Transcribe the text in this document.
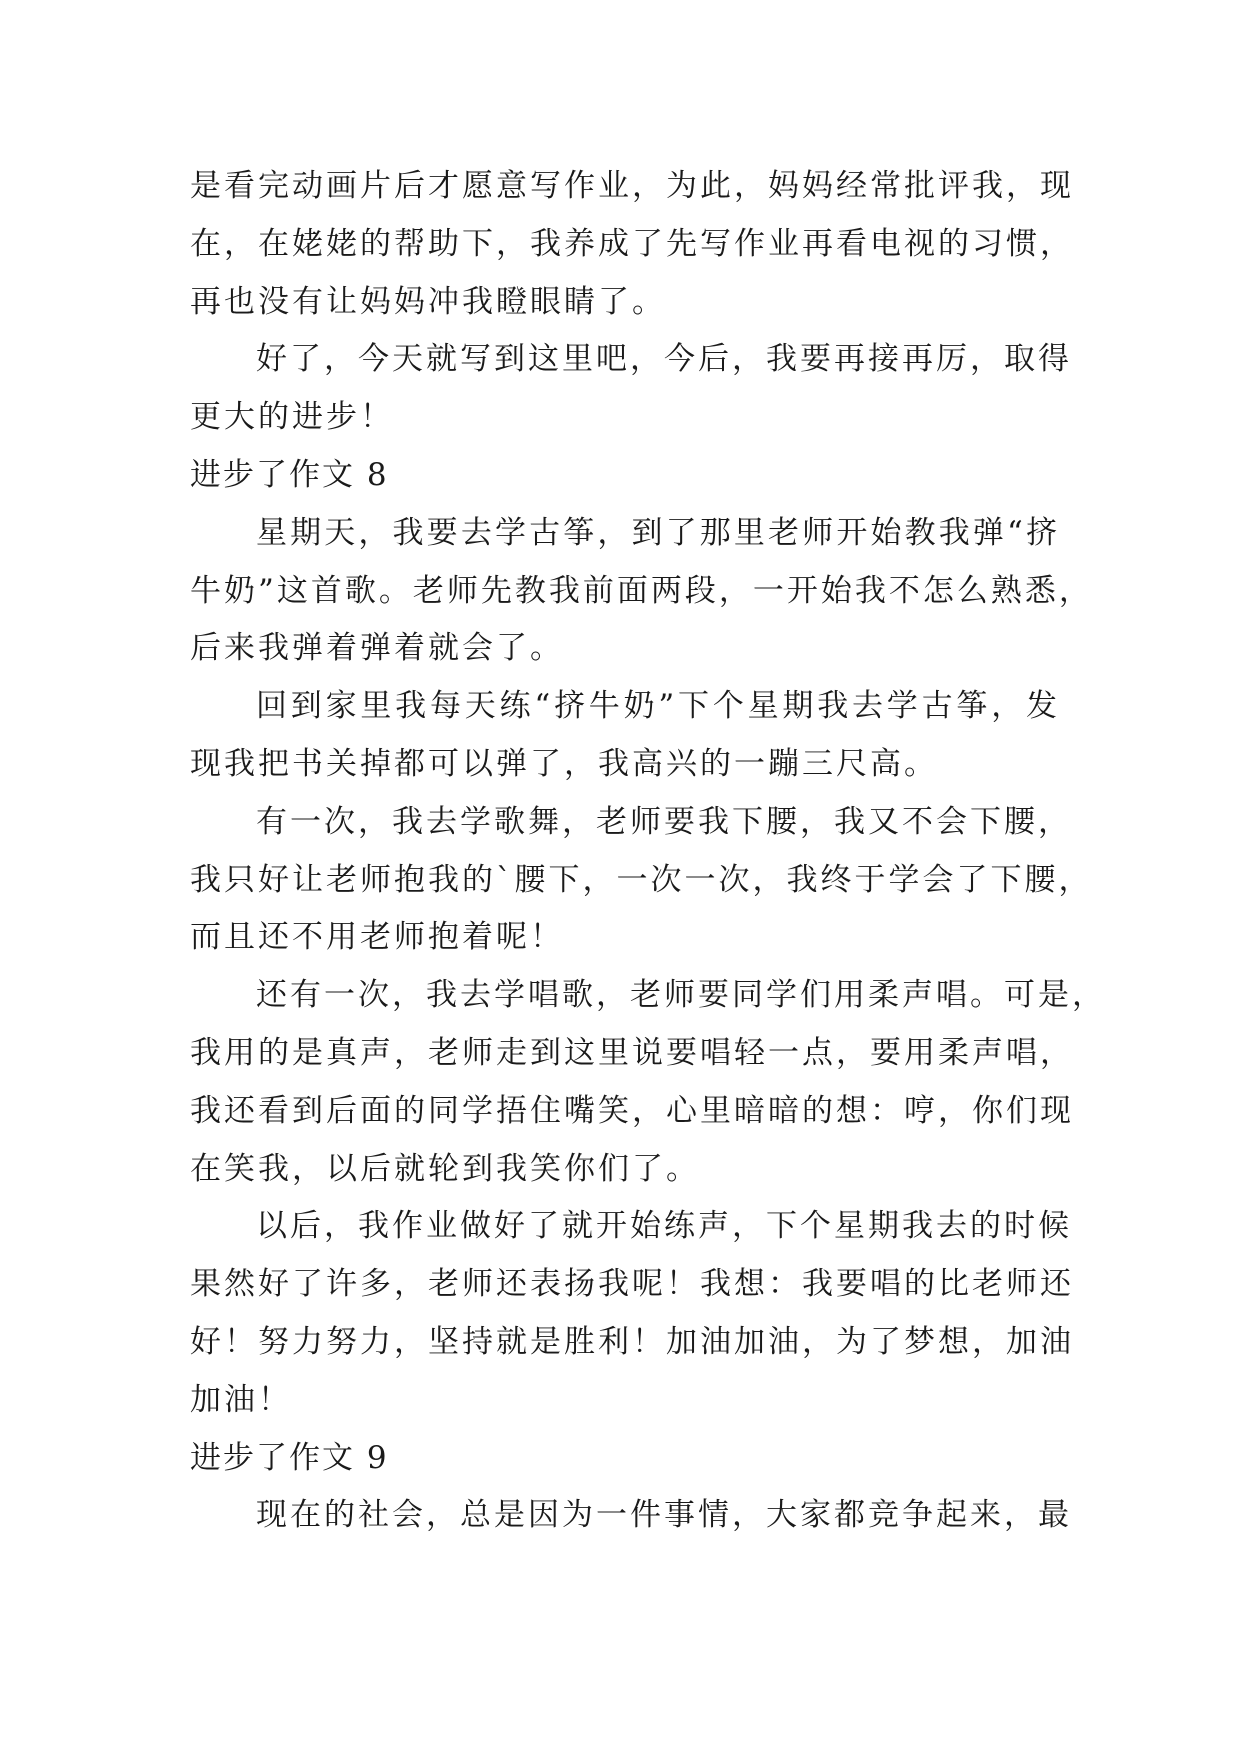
是看完动画片后才愿意写作业，为此，妈妈经常批评我，现
在，在姥姥的帮助下，我养成了先写作业再看电视的习惯，
再也没有让妈妈冲我瞪眼睛了。
好了，今天就写到这里吧，今后，我要再接再厉，取得
更大的进步！
进步了作文 8
星期天，我要去学古筝，到了那里老师开始教我弹“挤
牛奶”这首歌。老师先教我前面两段，一开始我不怎么熟悉，
后来我弹着弹着就会了。
回到家里我每天练“挤牛奶”下个星期我去学古筝，发
现我把书关掉都可以弹了，我高兴的一蹦三尺高。
有一次，我去学歌舞，老师要我下腰，我又不会下腰，
我只好让老师抱我的`腰下，一次一次，我终于学会了下腰，
而且还不用老师抱着呢！
还有一次，我去学唱歌，老师要同学们用柔声唱。可是，
我用的是真声，老师走到这里说要唱轻一点，要用柔声唱，
我还看到后面的同学捂住嘴笑，心里暗暗的想：哼，你们现
在笑我，以后就轮到我笑你们了。
以后，我作业做好了就开始练声，下个星期我去的时候
果然好了许多，老师还表扬我呢！我想：我要唱的比老师还
好！努力努力，坚持就是胜利！加油加油，为了梦想，加油
加油！
进步了作文 9
现在的社会，总是因为一件事情，大家都竞争起来，最
